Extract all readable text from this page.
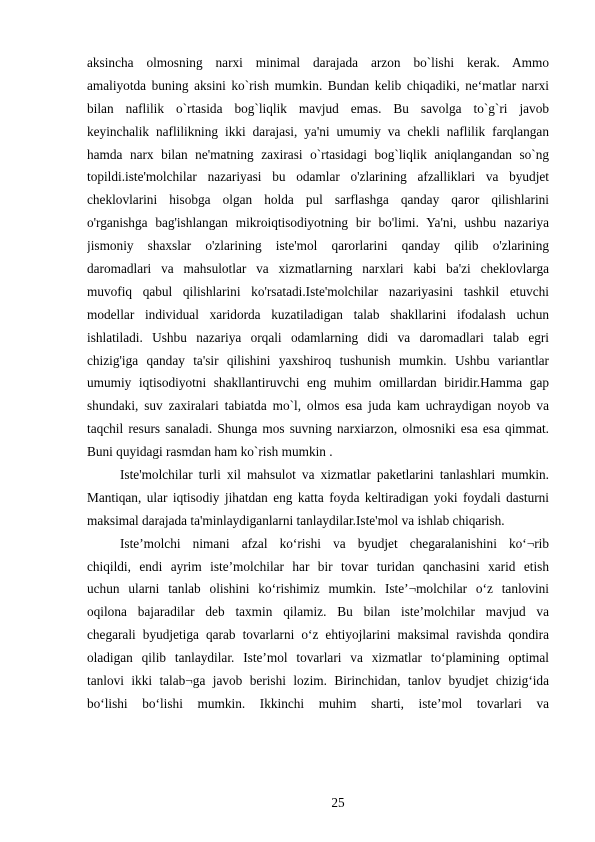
aksincha olmosning narxi minimal darajada arzon bo`lishi kerak. Ammo
amaliyotda buning aksini ko`rish mumkin. Bundan kelib chiqadiki, ne‘matlar narxi
bilan naflilik o`rtasida bog`liqlik mavjud emas. Bu savolga to`g`ri javob
keyinchalik naflilikning ikki darajasi, ya'ni umumiy va chekli naflilik farqlangan
hamda narx bilan ne'matning zaxirasi o`rtasidagi bog`liqlik aniqlangandan so`ng
topildi.iste'molchilar nazariyasi bu odamlar o'zlarining afzalliklari va byudjet
cheklovlarini hisobga olgan holda pul sarflashga qanday qaror qilishlarini
o'rganishga bag'ishlangan mikroiqtisodiyotning bir bo'limi. Ya'ni, ushbu nazariya
jismoniy shaxslar o'zlarining iste'mol qarorlarini qanday qilib o'zlarining
daromadlari va mahsulotlar va xizmatlarning narxlari kabi ba'zi cheklovlarga
muvofiq qabul qilishlarini ko'rsatadi.Iste'molchilar nazariyasini tashkil etuvchi
modellar individual xaridorda kuzatiladigan talab shakllarini ifodalash uchun
ishlatiladi. Ushbu nazariya orqali odamlarning didi va daromadlari talab egri
chizig'iga qanday ta'sir qilishini yaxshiroq tushunish mumkin. Ushbu variantlar
umumiy iqtisodiyotni shakllantiruvchi eng muhim omillardan biridir.Hamma gap
shundaki, suv zaxiralari tabiatda mo`l, olmos esa juda kam uchraydigan noyob va
taqchil resurs sanaladi. Shunga mos suvning narxiarzon, olmosniki esa esa qimmat.
Buni quyidagi rasmdan ham ko`rish mumkin .
Iste'molchilar turli xil mahsulot va xizmatlar paketlarini tanlashlari mumkin.
Mantiqan, ular iqtisodiy jihatdan eng katta foyda keltiradigan yoki foydali dasturni
maksimal darajada ta'minlaydiganlarni tanlaydilar.Iste'mol va ishlab chiqarish.
Iste’molchi nimani afzal ko‘rishi va byudjet chegaralanishini ko‘¬rib
chiqildi, endi ayrim iste’molchilar har bir tovar turidan qanchasini xarid etish
uchun ularni tanlab olishini ko‘rishimiz mumkin. Iste’¬molchilar o‘z tanlovini
oqilona bajaradilar deb taxmin qilamiz. Bu bilan iste’molchilar mavjud va
chegarali byudjetiga qarab tovarlarni o‘z ehtiyojlarini maksimal ravishda qondira
oladigan qilib tanlaydilar. Iste’mol tovarlari va xizmatlar to‘plamining optimal
tanlovi ikki talab¬ga javob berishi lozim. Birinchidan, tanlov byudjet chizig‘ida
bo‘lishi bo‘lishi mumkin. Ikkinchi muhim sharti, iste’mol tovarlari va
25
